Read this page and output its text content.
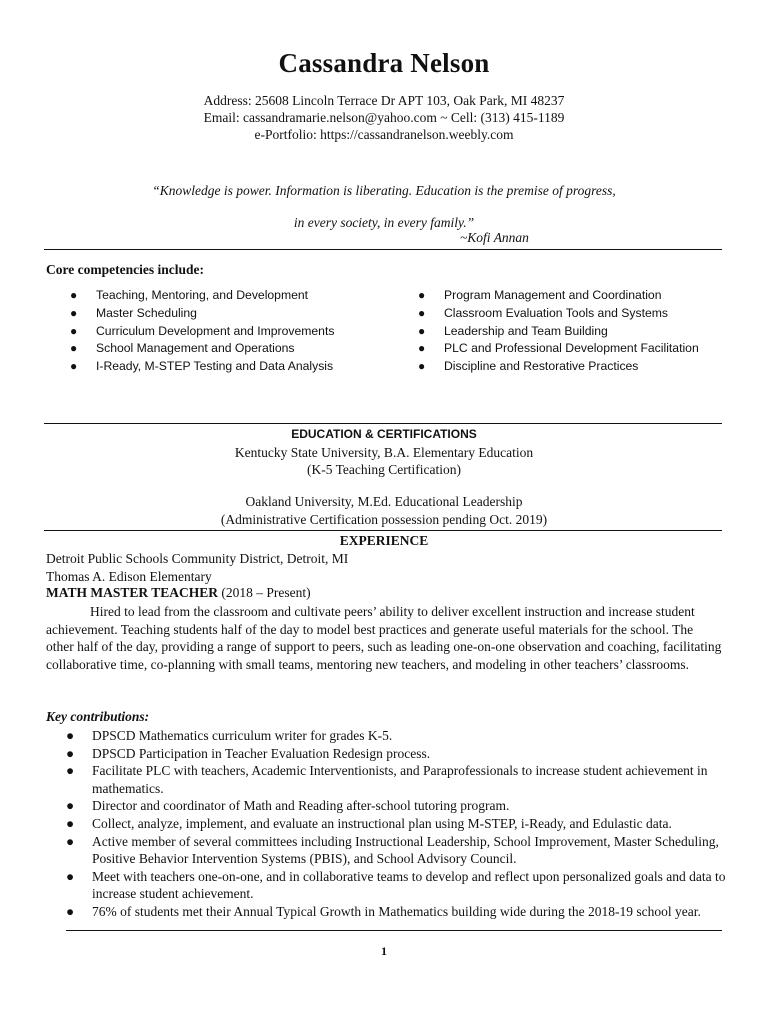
Cassandra Nelson
Address: 25608 Lincoln Terrace Dr APT 103, Oak Park, MI 48237
Email: cassandramarie.nelson@yahoo.com ~ Cell: (313) 415-1189
e-Portfolio: https://cassandranelson.weebly.com
“Knowledge is power. Information is liberating. Education is the premise of progress,
in every society, in every family.”
~Kofi Annan
Core competencies include:
● Teaching, Mentoring, and Development
● Master Scheduling
● Curriculum Development and Improvements
● School Management and Operations
● I-Ready, M-STEP Testing and Data Analysis
● Program Management and Coordination
● Classroom Evaluation Tools and Systems
● Leadership and Team Building
● PLC and Professional Development Facilitation
● Discipline and Restorative Practices
EDUCATION & CERTIFICATIONS
Kentucky State University, B.A. Elementary Education
(K-5 Teaching Certification)
Oakland University, M.Ed. Educational Leadership
(Administrative Certification possession pending Oct. 2019)
EXPERIENCE
Detroit Public Schools Community District, Detroit, MI
Thomas A. Edison Elementary
MATH MASTER TEACHER (2018 – Present)

Hired to lead from the classroom and cultivate peers’ ability to deliver excellent instruction and increase student achievement. Teaching students half of the day to model best practices and generate useful materials for the school. The other half of the day, providing a range of support to peers, such as leading one-on-one observation and coaching, facilitating collaborative time, co-planning with small teams, mentoring new teachers, and modeling in other teachers’ classrooms.

Key contributions:
● DPSCD Mathematics curriculum writer for grades K-5.
● DPSCD Participation in Teacher Evaluation Redesign process.
● Facilitate PLC with teachers, Academic Interventionists, and Paraprofessionals to increase student achievement in mathematics.
● Director and coordinator of Math and Reading after-school tutoring program.
● Collect, analyze, implement, and evaluate an instructional plan using M-STEP, i-Ready, and Edulastic data.
● Active member of several committees including Instructional Leadership, School Improvement, Master Scheduling, Positive Behavior Intervention Systems (PBIS), and School Advisory Council.
● Meet with teachers one-on-one, and in collaborative teams to develop and reflect upon personalized goals and data to increase student achievement.
● 76% of students met their Annual Typical Growth in Mathematics building wide during the 2018-19 school year.
1
